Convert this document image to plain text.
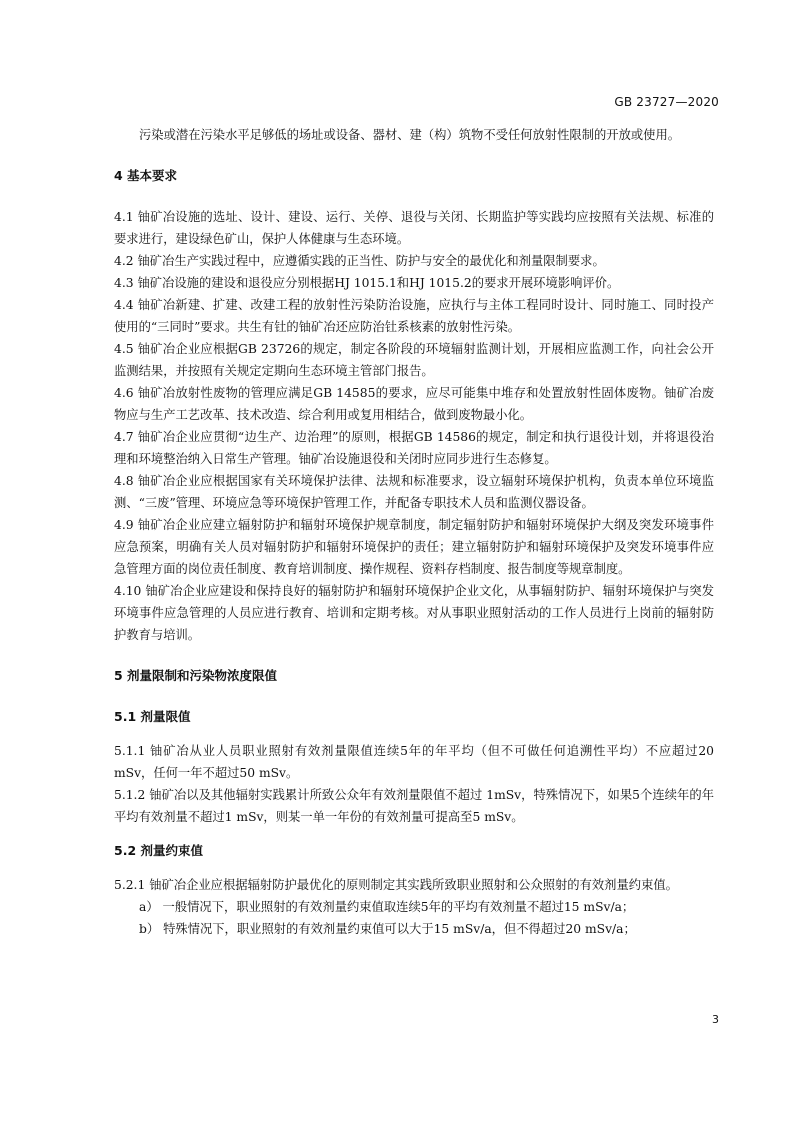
GB 23727—2020

污染或潜在污染水平足够低的场址或设备、器材、建（构）筑物不受任何放射性限制的开放或使用。

4 基本要求

4.1 铀矿冶设施的选址、设计、建设、运行、关停、退役与关闭、长期监护等实践均应按照有关法规、标准的要求进行，建设绿色矿山，保护人体健康与生态环境。

4.2 铀矿冶生产实践过程中，应遵循实践的正当性、防护与安全的最优化和剂量限制要求。

4.3 铀矿冶设施的建设和退役应分别根据HJ 1015.1和HJ 1015.2的要求开展环境影响评价。

4.4 铀矿冶新建、扩建、改建工程的放射性污染防治设施，应执行与主体工程同时设计、同时施工、同时投产使用的“三同时”要求。共生有钍的铀矿冶还应防治钍系核素的放射性污染。

4.5 铀矿冶企业应根据GB 23726的规定，制定各阶段的环境辐射监测计划，开展相应监测工作，向社会公开监测结果，并按照有关规定定期向生态环境主管部门报告。

4.6 铀矿冶放射性废物的管理应满足GB 14585的要求，应尽可能集中堆存和处置放射性固体废物。铀矿冶废物应与生产工艺改革、技术改造、综合利用或复用相结合，做到废物最小化。

4.7 铀矿冶企业应贯彻“边生产、边治理”的原则，根据GB 14586的规定，制定和执行退役计划，并将退役治理和环境整治纳入日常生产管理。铀矿冶设施退役和关闭时应同步进行生态修复。

4.8 铀矿冶企业应根据国家有关环境保护法律、法规和标准要求，设立辐射环境保护机构，负责本单位环境监测、“三废”管理、环境应急等环境保护管理工作，并配备专职技术人员和监测仪器设备。

4.9 铀矿冶企业应建立辐射防护和辐射环境保护规章制度，制定辐射防护和辐射环境保护大纲及突发环境事件应急预案，明确有关人员对辐射防护和辐射环境保护的责任；建立辐射防护和辐射环境保护及突发环境事件应急管理方面的岗位责任制度、教育培训制度、操作规程、资料存档制度、报告制度等规章制度。

4.10 铀矿冶企业应建设和保持良好的辐射防护和辐射环境保护企业文化，从事辐射防护、辐射环境保护与突发环境事件应急管理的人员应进行教育、培训和定期考核。对从事职业照射活动的工作人员进行上岗前的辐射防护教育与培训。

5 剂量限制和污染物浓度限值

5.1 剂量限值

5.1.1 铀矿冶从业人员职业照射有效剂量限值连续5年的年平均（但不可做任何追溯性平均）不应超过20 mSv，任何一年不超过50 mSv。

5.1.2 铀矿冶以及其他辐射实践累计所致公众年有效剂量限值不超过 1mSv，特殊情况下，如果5个连续年的年平均有效剂量不超过1 mSv，则某一单一年份的有效剂量可提高至5 mSv。

5.2 剂量约束值

5.2.1 铀矿冶企业应根据辐射防护最优化的原则制定其实践所致职业照射和公众照射的有效剂量约束值。

a） 一般情况下，职业照射的有效剂量约束值取连续5年的平均有效剂量不超过15 mSv/a；

b） 特殊情况下，职业照射的有效剂量约束值可以大于15 mSv/a，但不得超过20 mSv/a；

3
